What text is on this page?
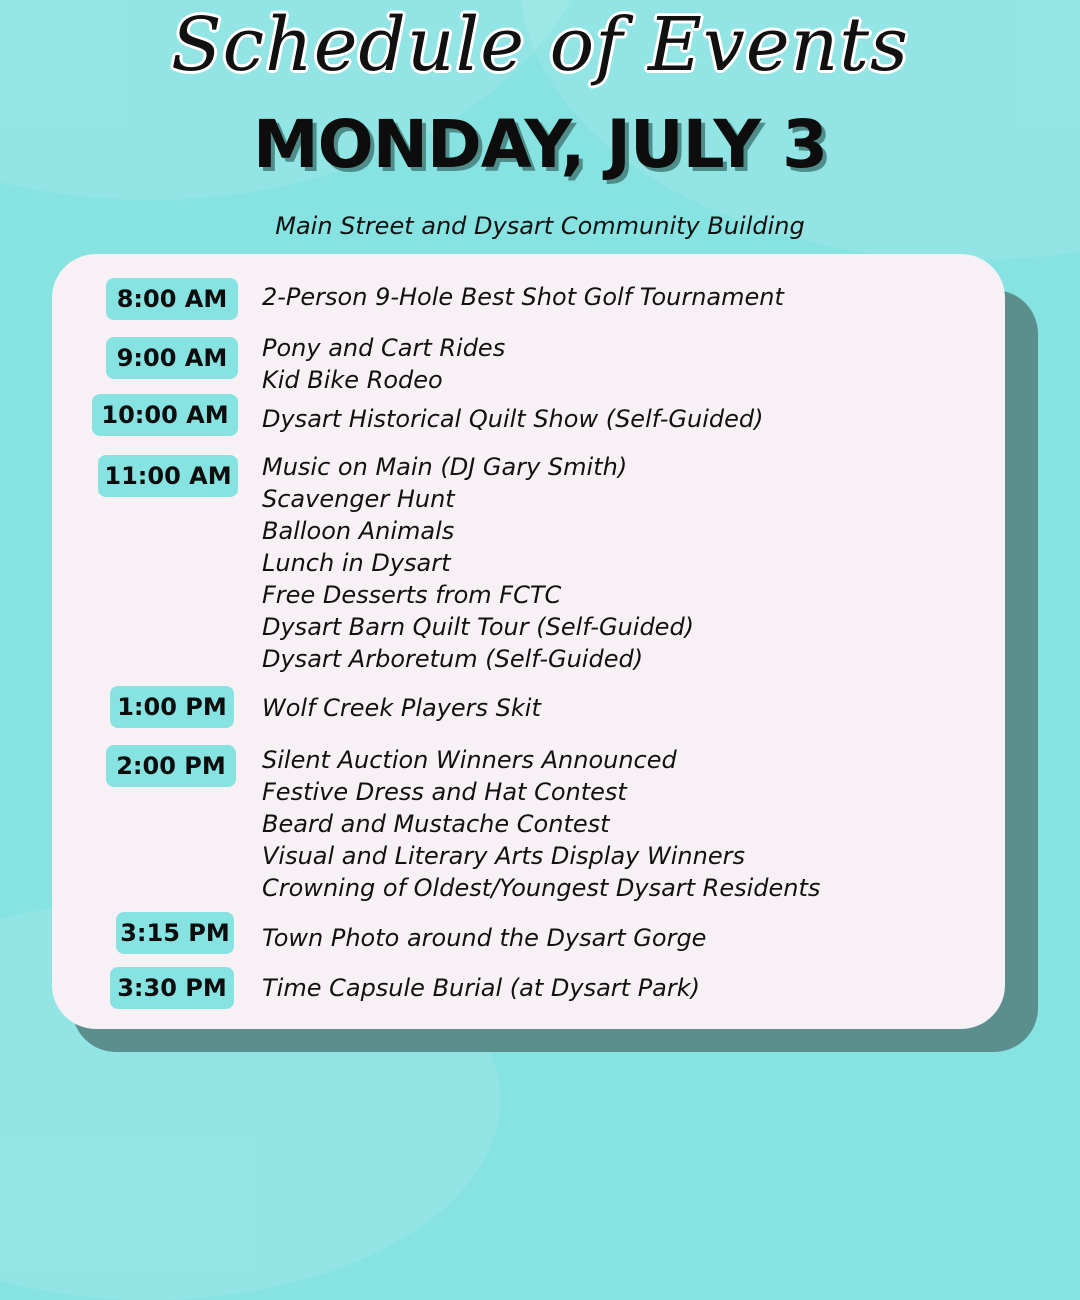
Schedule of Events
MONDAY, JULY 3
Main Street and Dysart Community Building
8:00 AM	2-Person 9-Hole Best Shot Golf Tournament
9:00 AM	Pony and Cart Rides
Kid Bike Rodeo
10:00 AM	Dysart Historical Quilt Show (Self-Guided)
11:00 AM Music on Main (DJ Gary Smith)
Scavenger Hunt
Balloon Animals
Lunch in Dysart
Free Desserts from FCTC
Dysart Barn Quilt Tour (Self-Guided)
Dysart Arboretum (Self-Guided)
1:00 PM	Wolf Creek Players Skit
2:00 PM	Silent Auction Winners Announced
Festive Dress and Hat Contest
Beard and Mustache Contest
Visual and Literary Arts Display Winners
Crowning of Oldest/Youngest Dysart Residents
3:15 PM Town Photo around the Dysart Gorge
3:30 PM	Time Capsule Burial (at Dysart Park)
